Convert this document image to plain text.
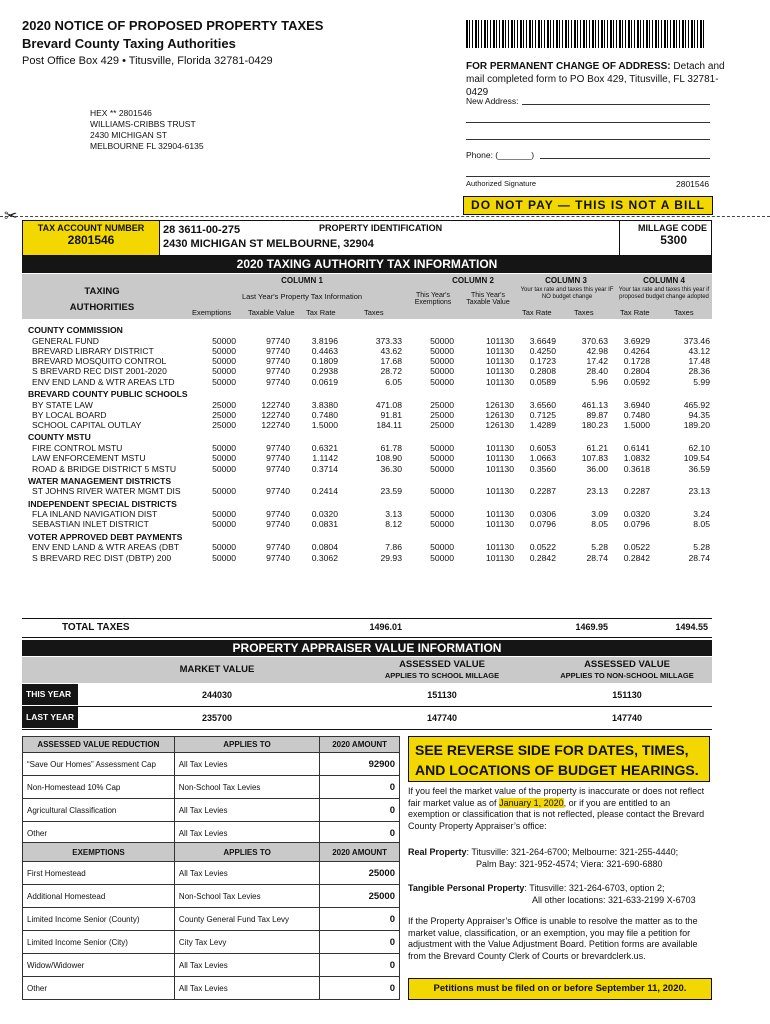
2020 NOTICE OF PROPOSED PROPERTY TAXES
Brevard County Taxing Authorities
Post Office Box 429 • Titusville, Florida 32781-0429	FOR PERMANENT CHANGE OF ADDRESS: Detach and mail completed form to PO Box 429, Titusville, FL 32781-0429
New Address:
Phone: (_______)
Authorized Signature	2801546
HEX ** 2801546
WILLIAMS-CRIBBS TRUST
2430 MICHIGAN ST
MELBOURNE FL 32904-6135
DO NOT PAY — THIS IS NOT A BILL
✂
TAX ACCOUNT NUMBER
2801546
28 3611-00-275	PROPERTY IDENTIFICATION
2430 MICHIGAN ST MELBOURNE, 32904
MILLAGE CODE
5300
2020 TAXING AUTHORITY TAX INFORMATION
TAXING
AUTHORITIES
COLUMN 1
Last Year's Property Tax Information
Exemptions Taxable Value Tax Rate	Taxes
COLUMN 2
This Year's Exemptions
This Year's Taxable Value
COLUMN 3
Your tax rate and taxes this year IF NO budget change
Tax Rate	Taxes
COLUMN 4
Your tax rate and taxes this year if proposed budget change adopted
Tax Rate	Taxes
COUNTY COMMISSION
GENERAL FUND	50000	97740	3.8196	373.33	50000	101130	3.6649	370.63	3.6929	373.46
BREVARD LIBRARY DISTRICT	50000	97740	0.4463	43.62	50000	101130	0.4250	42.98	0.4264	43.12
BREVARD MOSQUITO CONTROL	50000	97740	0.1809	17.68	50000	101130	0.1723	17.42	0.1728	17.48
S BREVARD REC DIST 2001-2020	50000	97740	0.2938	28.72	50000	101130	0.2808	28.40	0.2804	28.36
ENV END LAND & WTR AREAS LTD	50000	97740	0.0619	6.05	50000	101130	0.0589	5.96	0.0592	5.99
BREVARD COUNTY PUBLIC SCHOOLS
BY STATE LAW	25000	122740	3.8380	471.08	25000	126130	3.6560	461.13	3.6940	465.92
BY LOCAL BOARD	25000	122740	0.7480	91.81	25000	126130	0.7125	89.87	0.7480	94.35
SCHOOL CAPITAL OUTLAY	25000	122740	1.5000	184.11	25000	126130	1.4289	180.23	1.5000	189.20
COUNTY MSTU
FIRE CONTROL MSTU	50000	97740	0.6321	61.78	50000	101130	0.6053	61.21	0.6141	62.10
LAW ENFORCEMENT MSTU	50000	97740	1.1142	108.90	50000	101130	1.0663	107.83	1.0832	109.54
ROAD & BRIDGE DISTRICT 5 MSTU	50000	97740	0.3714	36.30	50000	101130	0.3560	36.00	0.3618	36.59
WATER MANAGEMENT DISTRICTS
ST JOHNS RIVER WATER MGMT DIS	50000	97740	0.2414	23.59	50000	101130	0.2287	23.13	0.2287	23.13
INDEPENDENT SPECIAL DISTRICTS
FLA INLAND NAVIGATION DIST	50000	97740	0.0320	3.13	50000	101130	0.0306	3.09	0.0320	3.24
SEBASTIAN INLET DISTRICT	50000	97740	0.0831	8.12	50000	101130	0.0796	8.05	0.0796	8.05
VOTER APPROVED DEBT PAYMENTS
ENV END LAND & WTR AREAS (DBT	50000	97740	0.0804	7.86	50000	101130	0.0522	5.28	0.0522	5.28
S BREVARD REC DIST (DBTP) 200	50000	97740	0.3062	29.93	50000	101130	0.2842	28.74	0.2842	28.74
TOTAL TAXES	1496.01	1469.95	1494.55
PROPERTY APPRAISER VALUE INFORMATION
MARKET VALUE	ASSESSED VALUE
APPLIES TO SCHOOL MILLAGE
ASSESSED VALUE
APPLIES TO NON-SCHOOL MILLAGE
THIS YEAR	244030	151130	151130
LAST YEAR	235700	147740	147740
ASSESSED VALUE REDUCTION	APPLIES TO	2020 AMOUNT
“Save Our Homes” Assessment Cap	All Tax Levies	92900
Non-Homestead 10% Cap	Non-School Tax Levies	0
Agricultural Classification	All Tax Levies	0
Other	All Tax Levies	0
EXEMPTIONS	APPLIES TO	2020 AMOUNT
First Homestead	All Tax Levies	25000
Additional Homestead	Non-School Tax Levies	25000
Limited Income Senior (County)	County General Fund Tax Levy	0
Limited Income Senior (City)	City Tax Levy	0
Widow/Widower	All Tax Levies	0
Other	All Tax Levies	0
SEE REVERSE SIDE FOR DATES, TIMES, AND LOCATIONS OF BUDGET HEARINGS.
If you feel the market value of the property is inaccurate or does not reflect fair market value as of January 1, 2020, or if you are entitled to an exemption or classification that is not reflected, please contact the Brevard County Property Appraiser’s office:
Real Property: Titusville: 321-264-6700; Melbourne: 321-255-4440;
Palm Bay: 321-952-4574; Viera: 321-690-6880
Tangible Personal Property: Titusville: 321-264-6703, option 2;
All other locations: 321-633-2199 X-6703
If the Property Appraiser’s Office is unable to resolve the matter as to the market value, classification, or an exemption, you may file a petition for adjustment with the Value Adjustment Board. Petition forms are available from the Brevard County Clerk of Courts or brevardclerk.us.
Petitions must be filed on or before September 11, 2020.
